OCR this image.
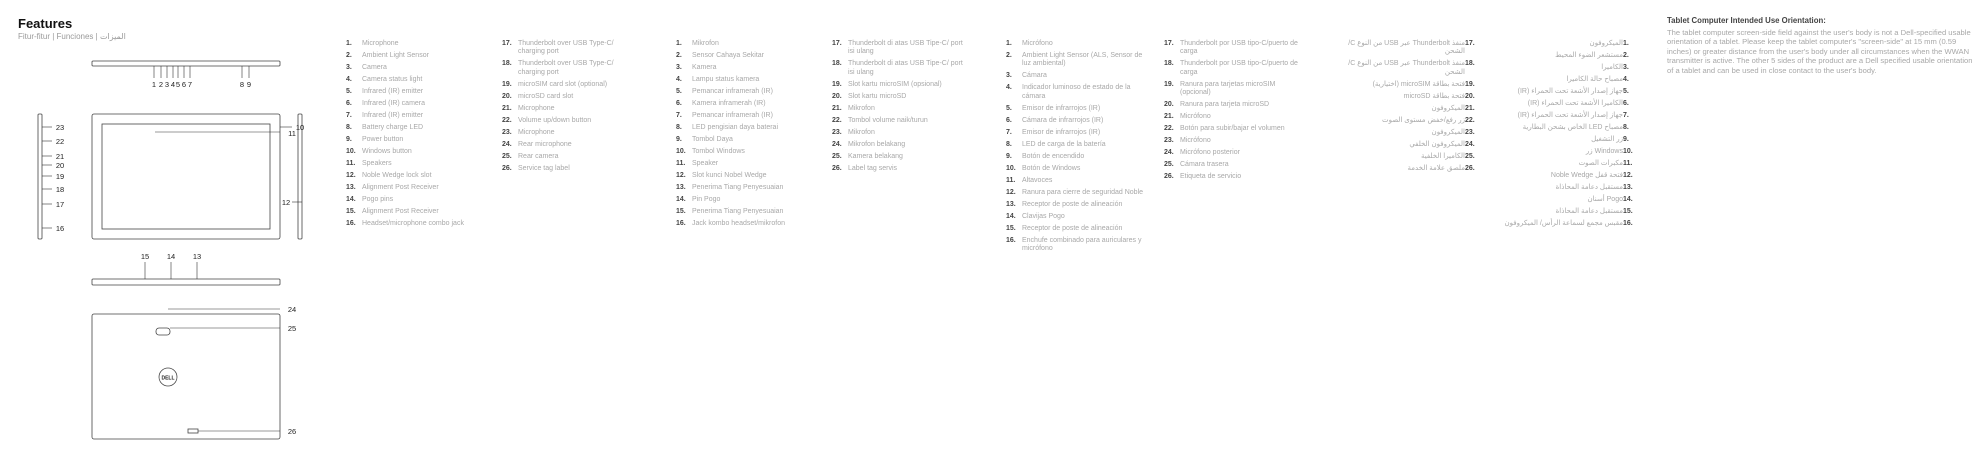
Features
Fitur-fitur | Funciones | الميزات
1 2 3 4 5 6 7	8 9
10
11
12
15 14 13
23
22
21
20
19
18
17
16
24
25
26
DELL
1.	Microphone
2.	Ambient Light Sensor
3.	Camera
4.	Camera status light
5.	Infrared (IR) emitter
6.	Infrared (IR) camera
7.	Infrared (IR) emitter
8.	Battery charge LED
9.	Power button
10. Windows button
11. Speakers
12. Noble Wedge lock slot
13. Alignment Post Receiver
14. Pogo pins
15. Alignment Post Receiver
16. Headset/microphone combo jack
17. Thunderbolt over USB Type-C/ charging port
18. Thunderbolt over USB Type-C/ charging port
19. microSIM card slot (optional)
20. microSD card slot
21. Microphone
22. Volume up/down button
23. Microphone
24. Rear microphone
25. Rear camera
26. Service tag label
1.	Mikrofon
2.	Sensor Cahaya Sekitar
3.	Kamera
4.	Lampu status kamera
5.	Pemancar inframerah (IR)
6.	Kamera inframerah (IR)
7.	Pemancar inframerah (IR)
8.	LED pengisian daya baterai
9.	Tombol Daya
10. Tombol Windows
11. Speaker
12. Slot kunci Nobel Wedge
13. Penerima Tiang Penyesuaian
14. Pin Pogo
15. Penerima Tiang Penyesuaian
16. Jack kombo headset/mikrofon
17. Thunderbolt di atas USB Tipe-C/ port isi ulang
18. Thunderbolt di atas USB Tipe-C/ port isi ulang
19. Slot kartu microSIM (opsional)
20. Slot kartu microSD
21. Mikrofon
22. Tombol volume naik/turun
23. Mikrofon
24. Mikrofon belakang
25. Kamera belakang
26. Label tag servis
1.	Micrófono
2.	Ambient Light Sensor (ALS, Sensor de luz ambiental)
3.	Cámara
4.	Indicador luminoso de estado de la cámara
5.	Emisor de infrarrojos (IR)
6.	Cámara de infrarrojos (IR)
7.	Emisor de infrarrojos (IR)
8.	LED de carga de la batería
9.	Botón de encendido
10. Botón de Windows
11. Altavoces
12. Ranura para cierre de seguridad Noble
13. Receptor de poste de alineación
14. Clavijas Pogo
15. Receptor de poste de alineación
16. Enchufe combinado para auriculares y micrófono
17. Thunderbolt por USB tipo-C/puerto de carga
18. Thunderbolt por USB tipo-C/puerto de carga
19. Ranura para tarjetas microSIM (opcional)
20. Ranura para tarjeta microSD
21. Micrófono
22. Botón para subir/bajar el volumen
23. Micrófono
24. Micrófono posterior
25. Cámara trasera
26. Etiqueta de servicio
.17
منفذ Thunderbolt عبر USB من النوع C/الشحن
.18
منفذ Thunderbolt عبر USB من النوع C/الشحن
.19
فتحة بطاقة microSIM (اختيارية)
.20
فتحة بطاقة microSD
.21
الميكروفون
.22
زر رفع/خفض مستوى الصوت
.23
الميكروفون
.24
الميكروفون الخلفي
.25
الكاميرا الخلفية
.26
ملصق علامة الخدمة
.1
الميكروفون
.2
مستشعر الضوء المحيط
.3
الكاميرا
.4
مصباح حالة الكاميرا
.5
جهاز إصدار الأشعة تحت الحمراء (IR)
.6
الكاميرا الأشعة تحت الحمراء (IR)
.7
جهاز إصدار الأشعة تحت الحمراء (IR)
.8
مصباح LED الخاص بشحن البطارية
.9
زر التشغيل
.10
Windows زر
.11
مكبرات الصوت
.12
فتحة قفل Noble Wedge
.13
مستقبل دعامة المحاذاة
.14
Pogo أسنان
.15
مستقبل دعامة المحاذاة
.16
مقبس مجمع لسماعة الرأس/ الميكروفون
Tablet Computer Intended Use Orientation:

The tablet computer screen-side field against the user's body is not a Dell-specified usable orientation of a tablet. Please keep the tablet computer's "screen-side" at 15 mm (0.59 inches) or greater distance from the user's body under all circumstances when the WWAN transmitter is active. The other 5 sides of the product are a Dell specified usable orientation of a tablet and can be used in close contact to the user's body.
